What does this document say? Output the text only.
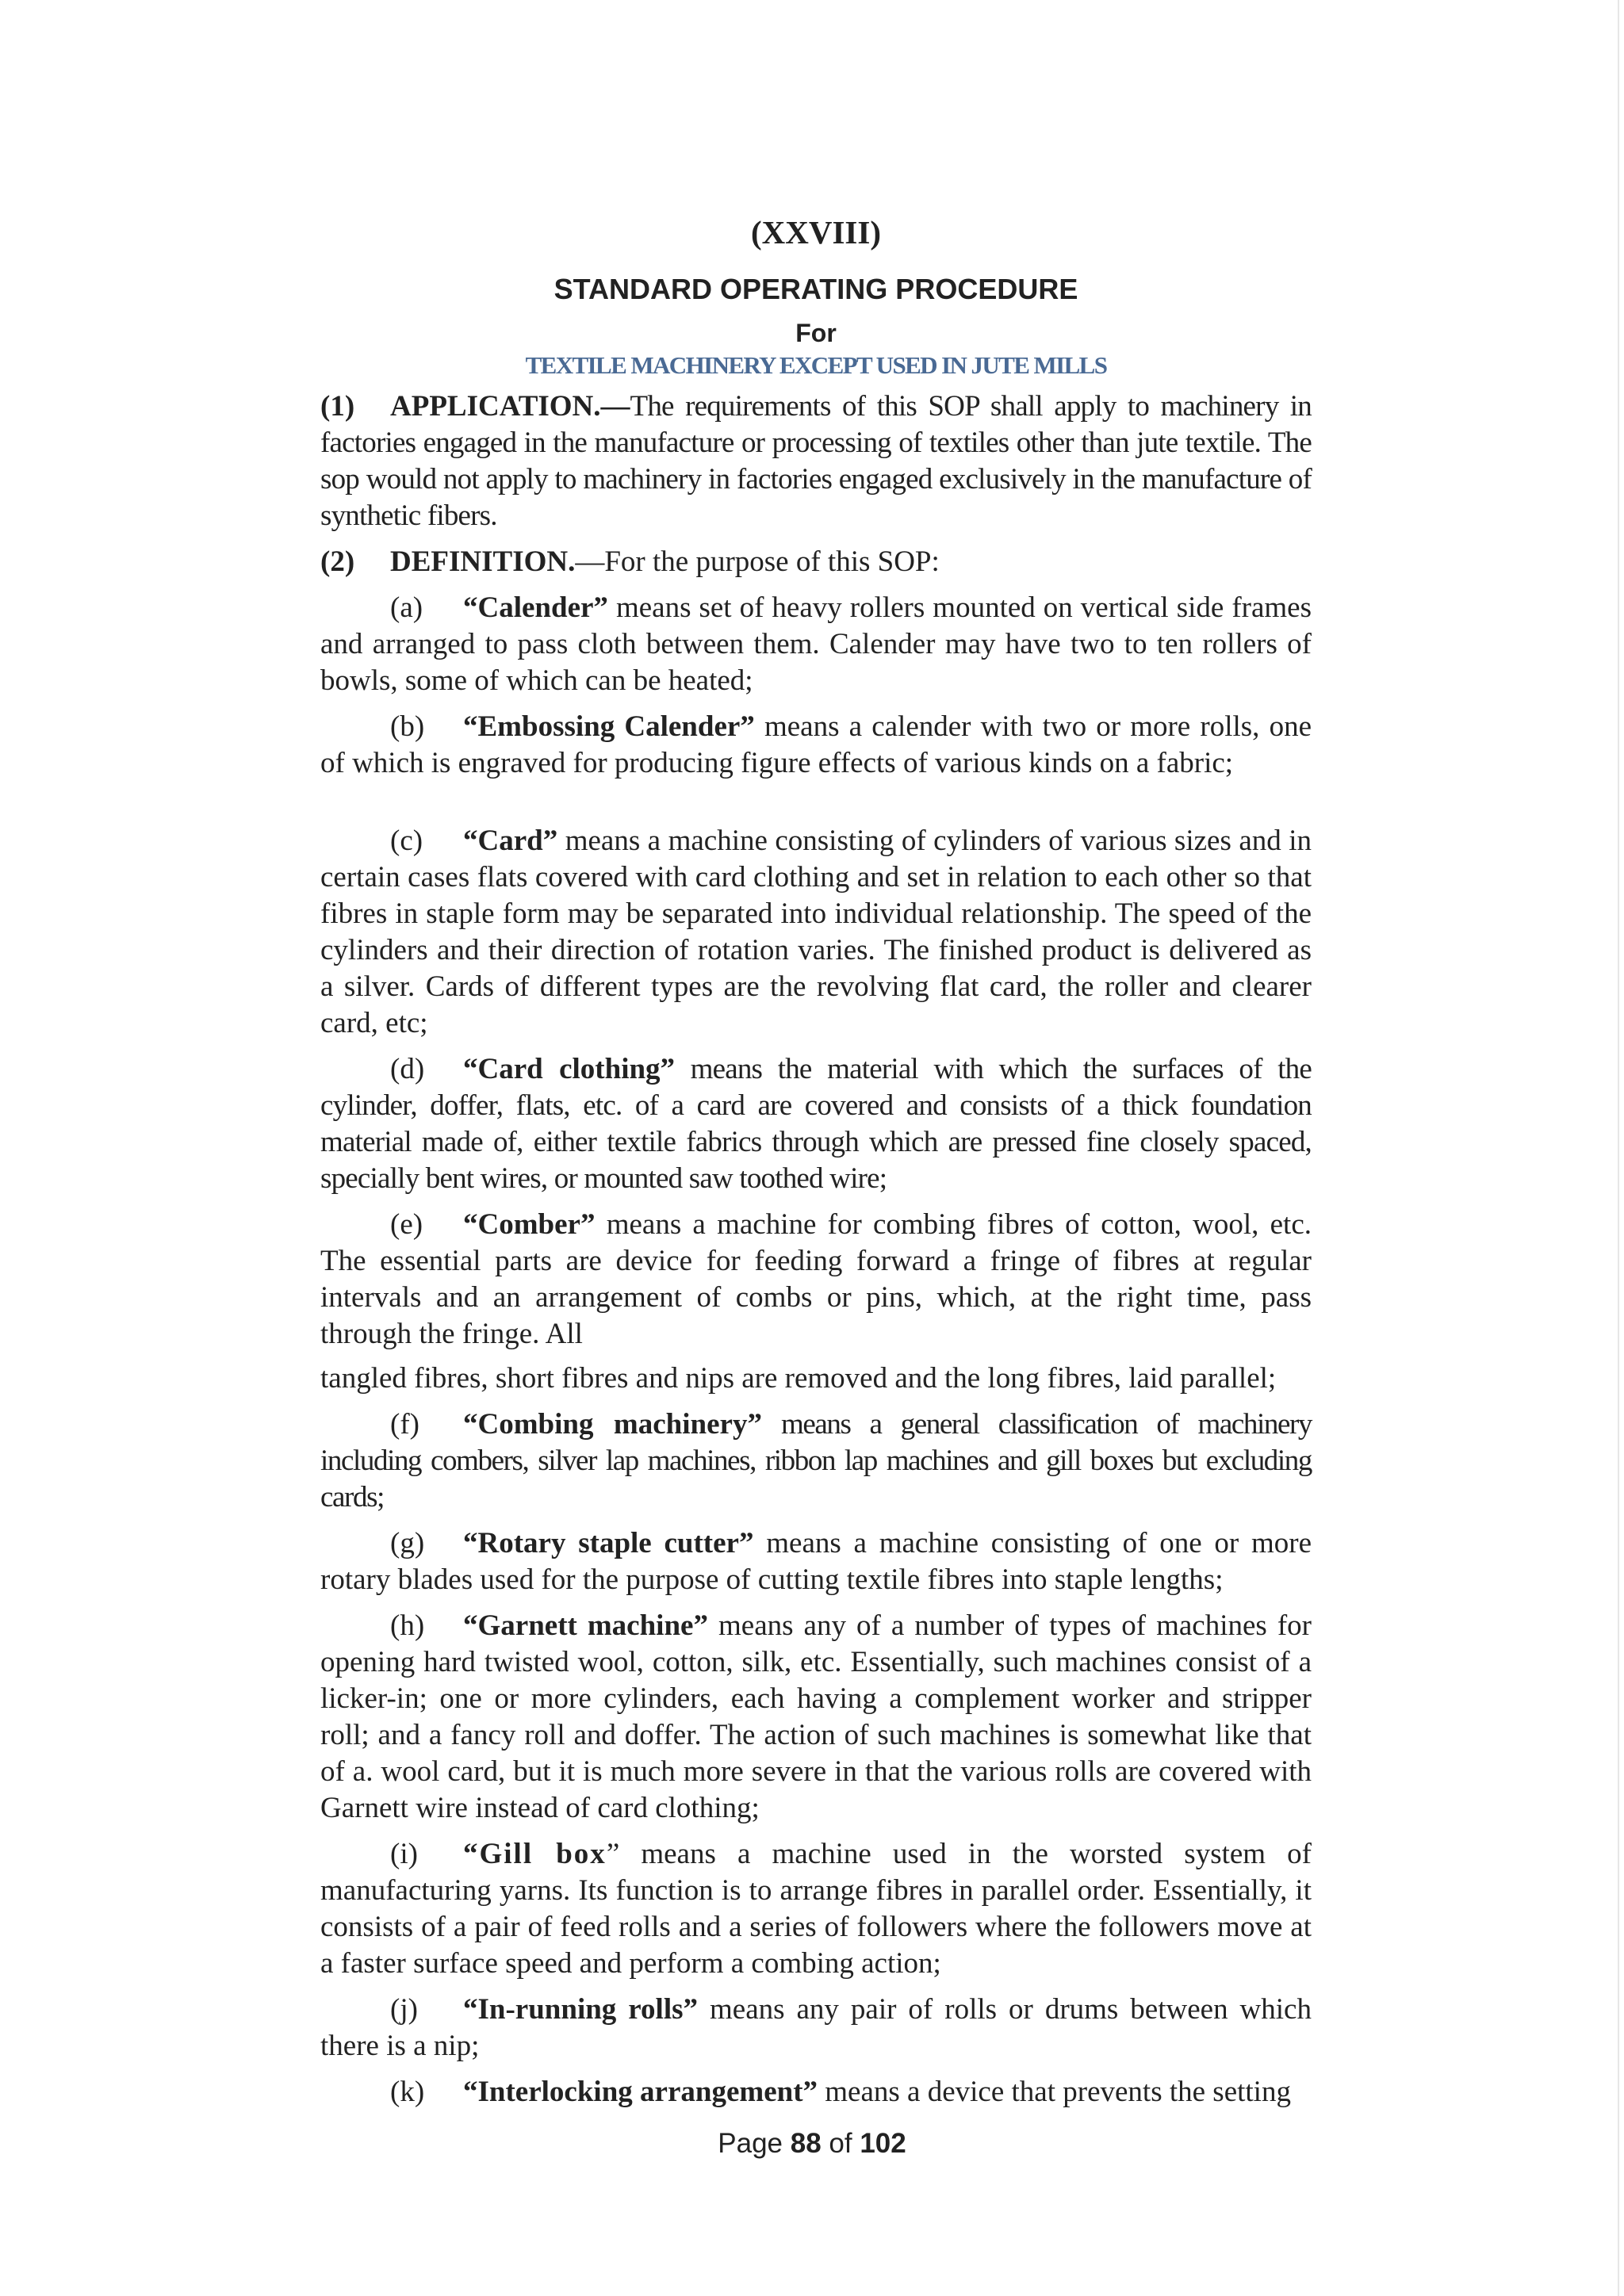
(XXVIII)

STANDARD OPERATING PROCEDURE

For

TEXTILE MACHINERY EXCEPT USED IN JUTE MILLS

(1) APPLICATION.—The requirements of this SOP shall apply to machinery in factories engaged in the manufacture or processing of textiles other than jute textile. The sop would not apply to machinery in factories engaged exclusively in the manufacture of synthetic fibers.

(2) DEFINITION.—For the purpose of this SOP:

(a) “Calender” means set of heavy rollers mounted on vertical side frames and arranged to pass cloth between them. Calender may have two to ten rollers of bowls, some of which can be heated;

(b) “Embossing Calender” means a calender with two or more rolls, one of which is engraved for producing figure effects of various kinds on a fabric;

(c) “Card” means a machine consisting of cylinders of various sizes and in certain cases flats covered with card clothing and set in relation to each other so that fibres in staple form may be separated into individual relationship. The speed of the cylinders and their direction of rotation varies. The finished product is delivered as a silver. Cards of different types are the revolving flat card, the roller and clearer card, etc;

(d) “Card clothing” means the material with which the surfaces of the cylinder, doffer, flats, etc. of a card are covered and consists of a thick foundation material made of, either textile fabrics through which are pressed fine closely spaced, specially bent wires, or mounted saw toothed wire;

(e) “Comber” means a machine for combing fibres of cotton, wool, etc. The essential parts are device for feeding forward a fringe of fibres at regular intervals and an arrangement of combs or pins, which, at the right time, pass through the fringe. All

tangled fibres, short fibres and nips are removed and the long fibres, laid parallel;

(f) “Combing machinery” means a general classification of machinery including combers, silver lap machines, ribbon lap machines and gill boxes but excluding cards;

(g) “Rotary staple cutter” means a machine consisting of one or more rotary blades used for the purpose of cutting textile fibres into staple lengths;

(h) “Garnett machine” means any of a number of types of machines for opening hard twisted wool, cotton, silk, etc. Essentially, such machines consist of a licker-in; one or more cylinders, each having a complement worker and stripper roll; and a fancy roll and doffer. The action of such machines is somewhat like that of a. wool card, but it is much more severe in that the various rolls are covered with Garnett wire instead of card clothing;

(i) “Gill box” means a machine used in the worsted system of manufacturing yarns. Its function is to arrange fibres in parallel order. Essentially, it consists of a pair of feed rolls and a series of followers where the followers move at a faster surface speed and perform a combing action;

(j) “In-running rolls” means any pair of rolls or drums between which there is a nip;

(k) “Interlocking arrangement” means a device that prevents the setting

Page 88 of 102
